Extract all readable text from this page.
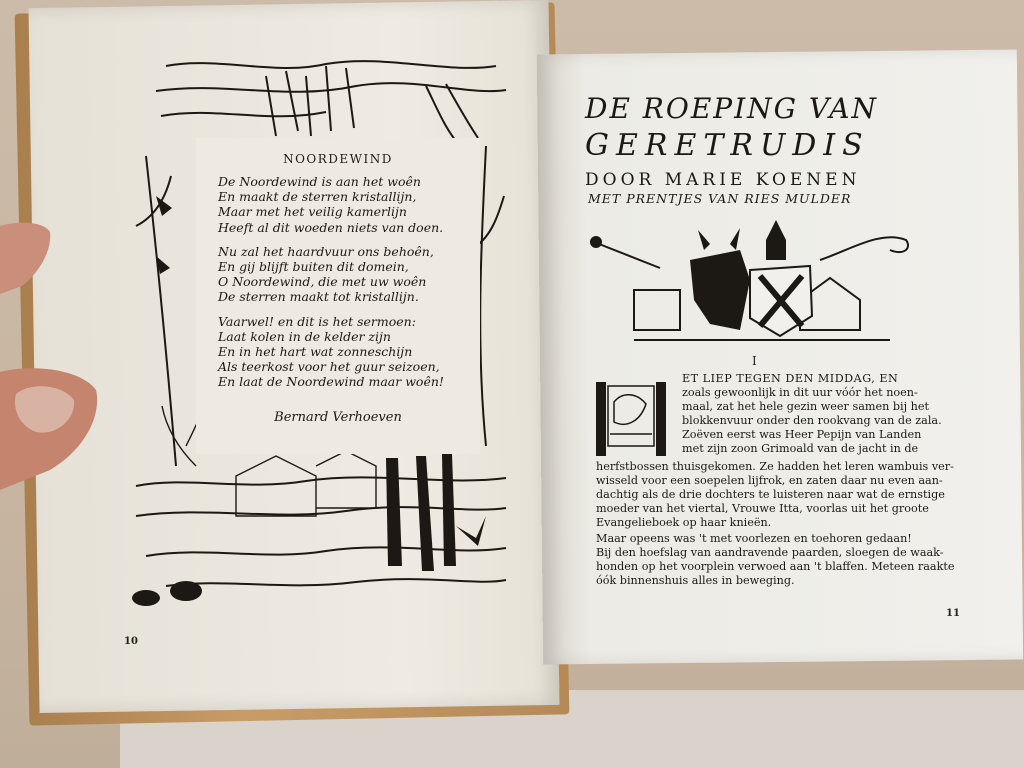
NOORDEWIND
De Noordewind is aan het woên
En maakt de sterren kristallijn,
Maar met het veilig kamerlijn
Heeft al dit woeden niets van doen.
Nu zal het haardvuur ons behoên,
En gij blijft buiten dit domein,
O Noordewind, die met uw woên
De sterren maakt tot kristallijn.
Vaarwel! en dit is het sermoen:
Laat kolen in de kelder zijn
En in het hart wat zonneschijn
Als teerkost voor het guur seizoen,
En laat de Noordewind maar woên!
Bernard Verhoeven
10
DE ROEPING VAN
GERETRUDIS
DOOR MARIE KOENEN
MET PRENTJES VAN RIES MULDER
I
ET LIEP TEGEN DEN MIDDAG, EN
zoals gewoonlijk in dit uur vóór het noen-
maal, zat het hele gezin weer samen bij het
blokkenvuur onder den rookvang van de zala.
Zoëven eerst was Heer Pepijn van Landen
met zijn zoon Grimoald van de jacht in de
herfstbossen thuisgekomen. Ze hadden het leren wambuis ver-
wisseld voor een soepelen lijfrok, en zaten daar nu even aan-
dachtig als de drie dochters te luisteren naar wat de ernstige
moeder van het viertal, Vrouwe Itta, voorlas uit het groote
Evangelieboek op haar knieën.
Maar opeens was 't met voorlezen en toehoren gedaan!
Bij den hoefslag van aandravende paarden, sloegen de waak-
honden op het voorplein verwoed aan 't blaffen. Meteen raakte
óók binnenshuis alles in beweging.
11
